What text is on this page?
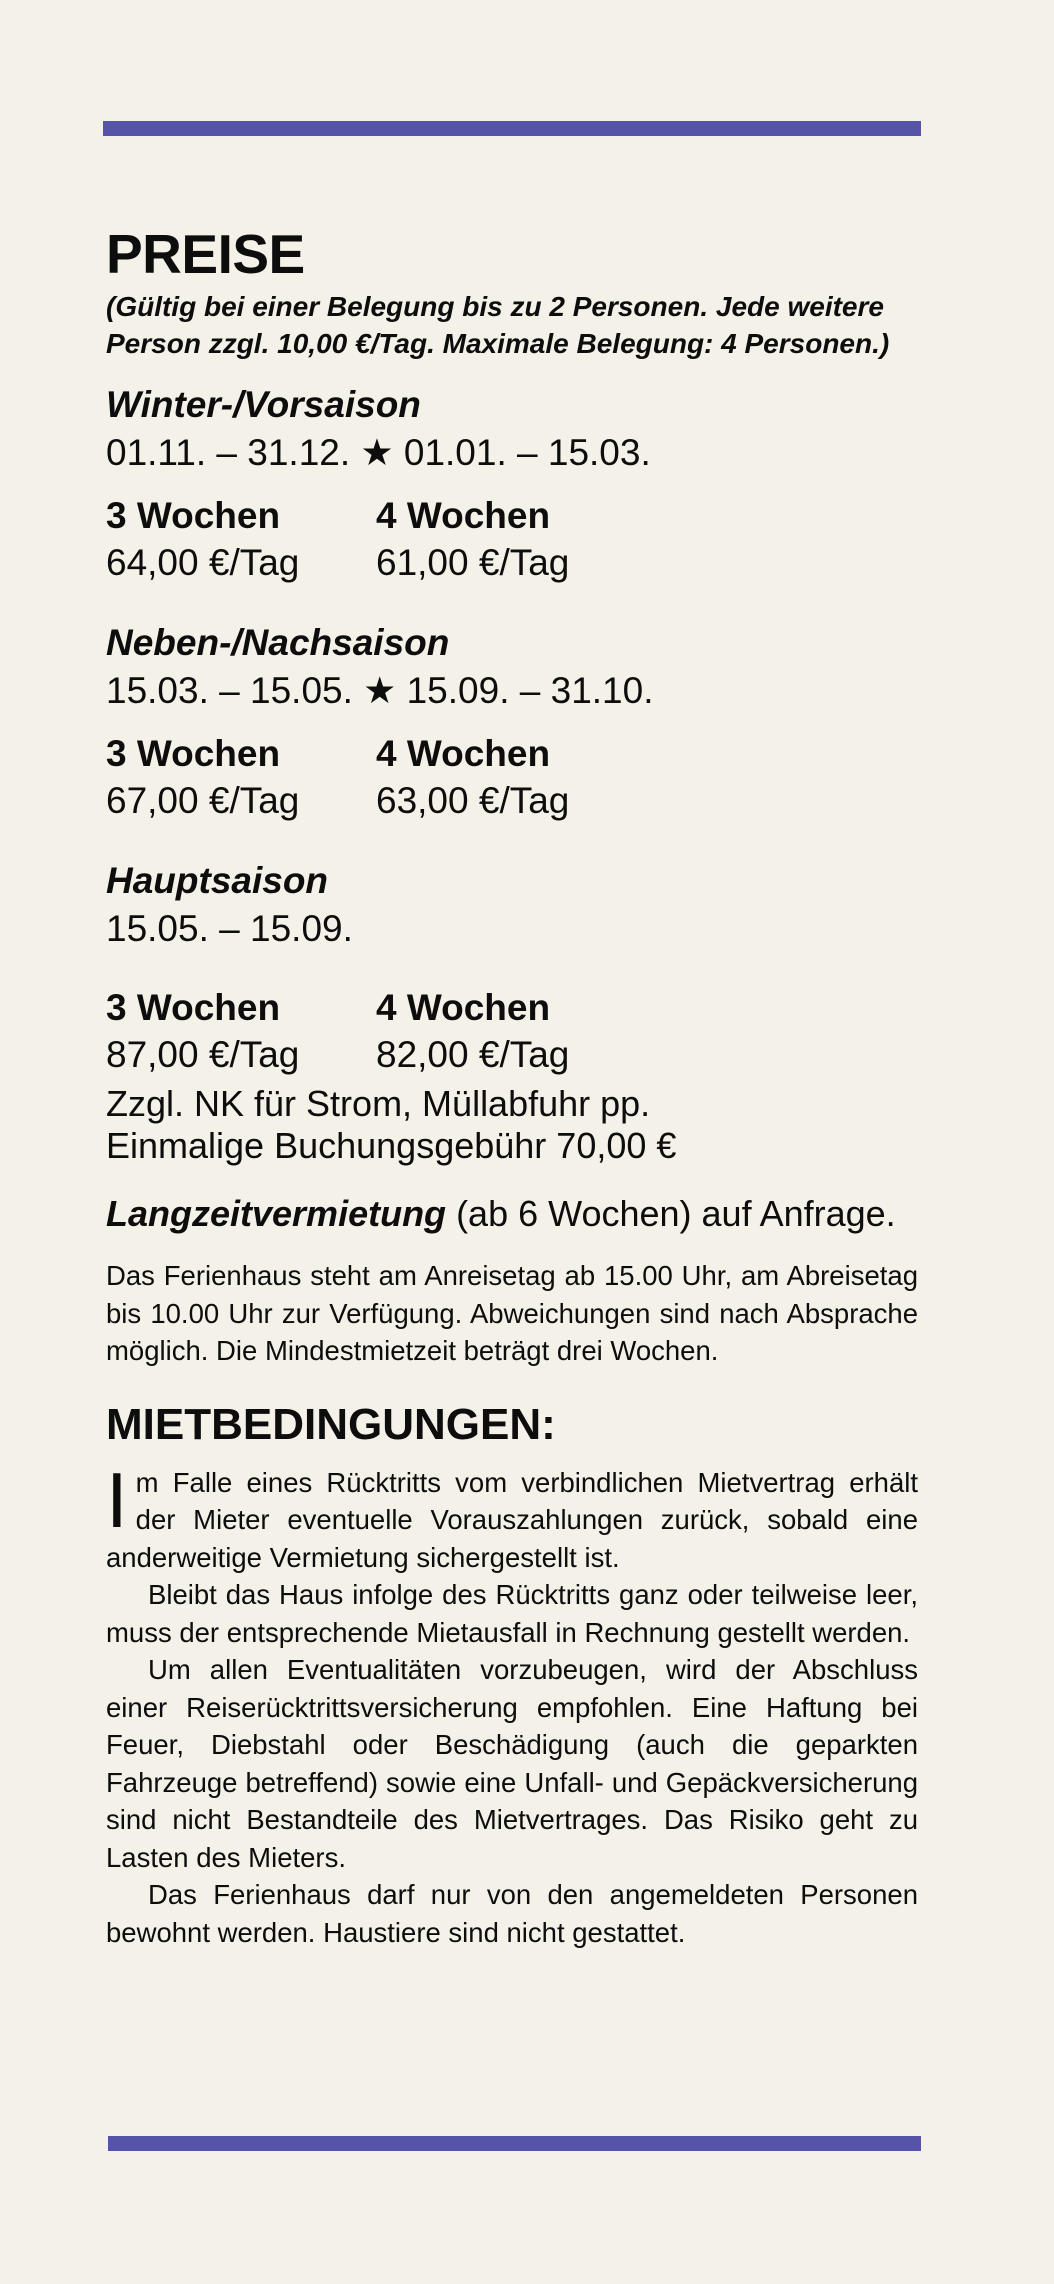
PREISE

(Gültig bei einer Belegung bis zu 2 Personen. Jede weitere Person zzgl. 10,00 €/Tag. Maximale Belegung: 4 Personen.)

Winter-/Vorsaison
01.11. – 31.12. ★ 01.01. – 15.03.
3 Wochen	4 Wochen
64,00 €/Tag	61,00 €/Tag
Neben-/Nachsaison
15.03. – 15.05. ★ 15.09. – 31.10.
3 Wochen	4 Wochen
67,00 €/Tag	63,00 €/Tag
Hauptsaison
15.05. – 15.09.
3 Wochen	4 Wochen
87,00 €/Tag	82,00 €/Tag
Zzgl. NK für Strom, Müllabfuhr pp.
Einmalige Buchungsgebühr 70,00 €
Langzeitvermietung (ab 6 Wochen) auf Anfrage.

Das Ferienhaus steht am Anreisetag ab 15.00 Uhr, am Abreisetag bis 10.00 Uhr zur Verfügung. Abweichungen sind nach Absprache möglich. Die Mindestmietzeit beträgt drei Wochen.

MIETBEDINGUNGEN:

Im Falle eines Rücktritts vom verbindlichen Mietvertrag erhält der Mieter eventuelle Vorauszahlungen zurück, sobald eine anderweitige Vermietung sichergestellt ist.

Bleibt das Haus infolge des Rücktritts ganz oder teilweise leer, muss der entsprechende Mietausfall in Rechnung gestellt werden.

Um allen Eventualitäten vorzubeugen, wird der Abschluss einer Reiserücktrittsversicherung empfohlen. Eine Haftung bei Feuer, Diebstahl oder Beschädigung (auch die geparkten Fahrzeuge betreffend) sowie eine Unfall- und Gepäckversicherung sind nicht Bestandteile des Mietvertrages. Das Risiko geht zu Lasten des Mieters.

Das Ferienhaus darf nur von den angemeldeten Personen bewohnt werden. Haustiere sind nicht gestattet.
